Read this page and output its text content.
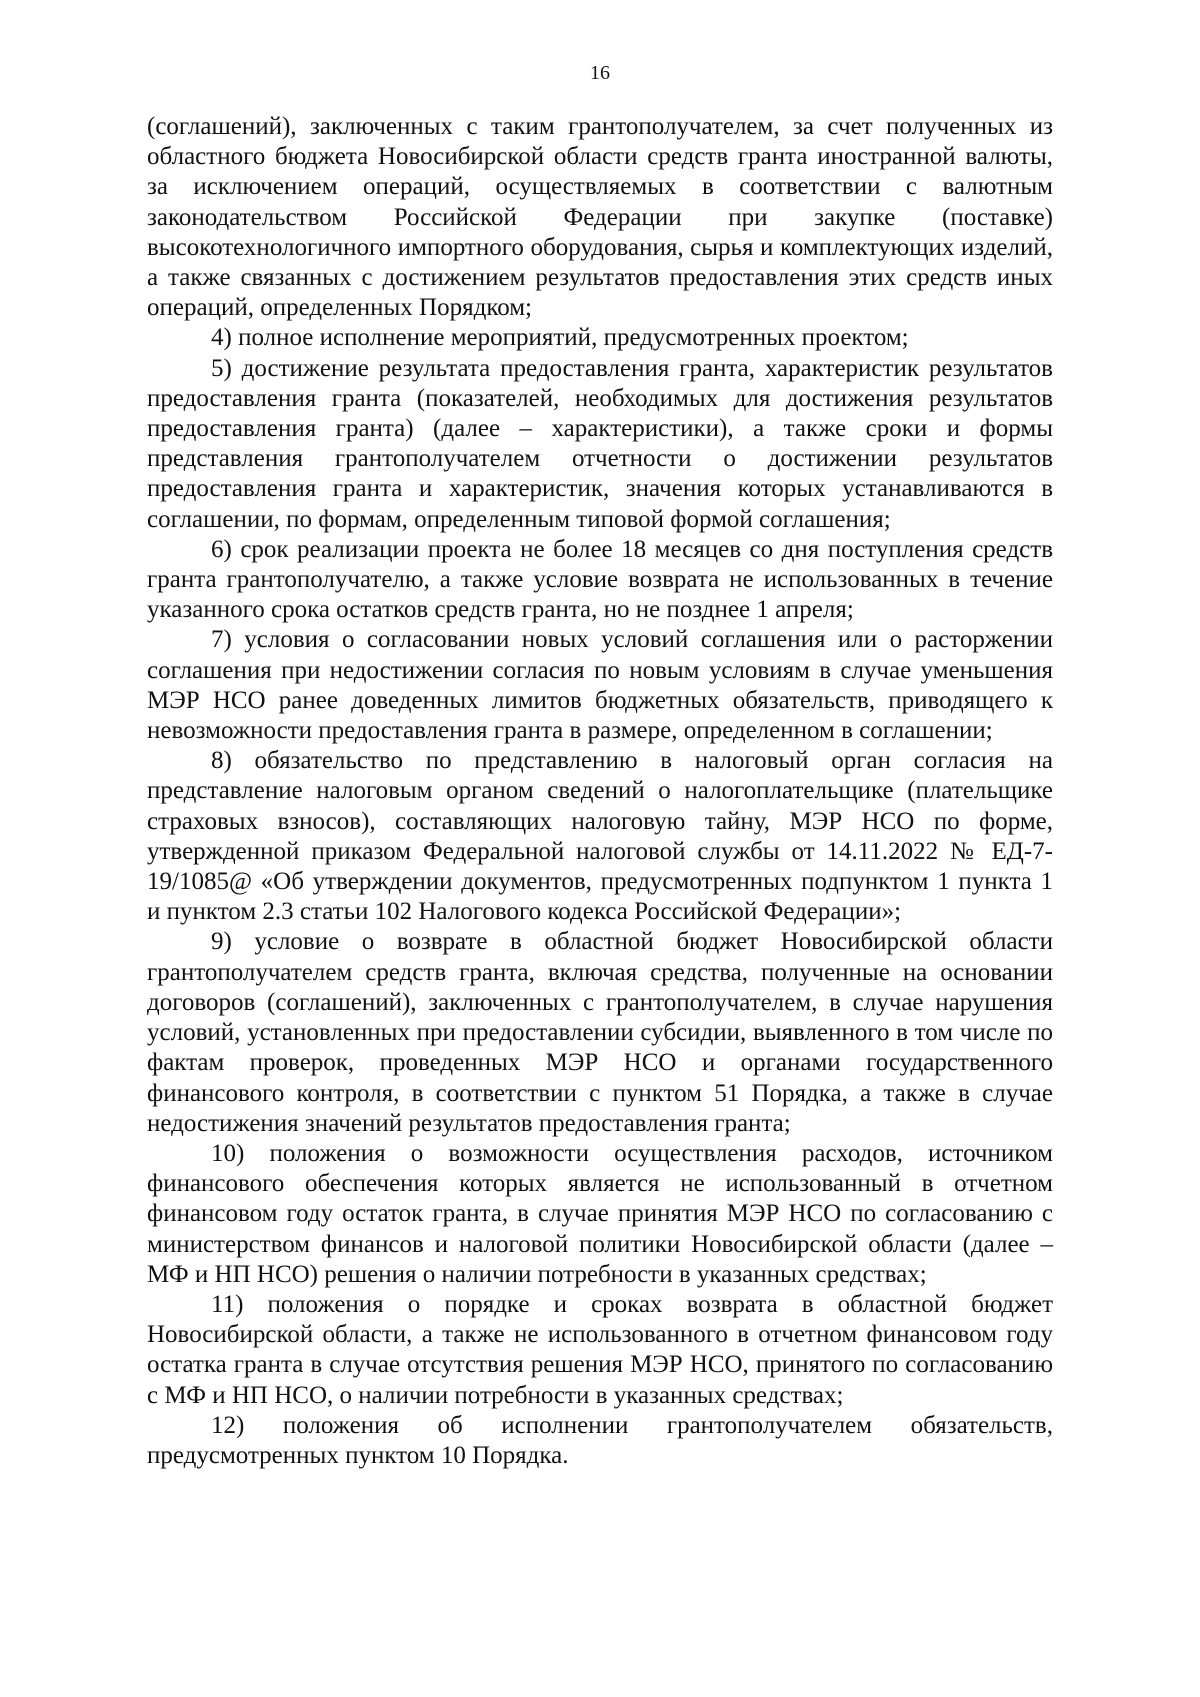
16

(соглашений), заключенных с таким грантополучателем, за счет полученных из областного бюджета Новосибирской области средств гранта иностранной валюты, за исключением операций, осуществляемых в соответствии с валютным законодательством Российской Федерации при закупке (поставке) высокотехнологичного импортного оборудования, сырья и комплектующих изделий, а также связанных с достижением результатов предоставления этих средств иных операций, определенных Порядком;

4) полное исполнение мероприятий, предусмотренных проектом;

5) достижение результата предоставления гранта, характеристик результатов предоставления гранта (показателей, необходимых для достижения результатов предоставления гранта) (далее – характеристики), а также сроки и формы представления грантополучателем отчетности о достижении результатов предоставления гранта и характеристик, значения которых устанавливаются в соглашении, по формам, определенным типовой формой соглашения;

6) срок реализации проекта не более 18 месяцев со дня поступления средств гранта грантополучателю, а также условие возврата не использованных в течение указанного срока остатков средств гранта, но не позднее 1 апреля;

7) условия о согласовании новых условий соглашения или о расторжении соглашения при недостижении согласия по новым условиям в случае уменьшения МЭР НСО ранее доведенных лимитов бюджетных обязательств, приводящего к невозможности предоставления гранта в размере, определенном в соглашении;

8) обязательство по представлению в налоговый орган согласия на представление налоговым органом сведений о налогоплательщике (плательщике страховых взносов), составляющих налоговую тайну, МЭР НСО по форме, утвержденной приказом Федеральной налоговой службы от 14.11.2022 № ЕД-7-19/1085@ «Об утверждении документов, предусмотренных подпунктом 1 пункта 1 и пунктом 2.3 статьи 102 Налогового кодекса Российской Федерации»;

9) условие о возврате в областной бюджет Новосибирской области грантополучателем средств гранта, включая средства, полученные на основании договоров (соглашений), заключенных с грантополучателем, в случае нарушения условий, установленных при предоставлении субсидии, выявленного в том числе по фактам проверок, проведенных МЭР НСО и органами государственного финансового контроля, в соответствии с пунктом 51 Порядка, а также в случае недостижения значений результатов предоставления гранта;

10) положения о возможности осуществления расходов, источником финансового обеспечения которых является не использованный в отчетном финансовом году остаток гранта, в случае принятия МЭР НСО по согласованию с министерством финансов и налоговой политики Новосибирской области (далее – МФ и НП НСО) решения о наличии потребности в указанных средствах;

11) положения о порядке и сроках возврата в областной бюджет Новосибирской области, а также не использованного в отчетном финансовом году остатка гранта в случае отсутствия решения МЭР НСО, принятого по согласованию с МФ и НП НСО, о наличии потребности в указанных средствах;

12) положения об исполнении грантополучателем обязательств, предусмотренных пунктом 10 Порядка.
